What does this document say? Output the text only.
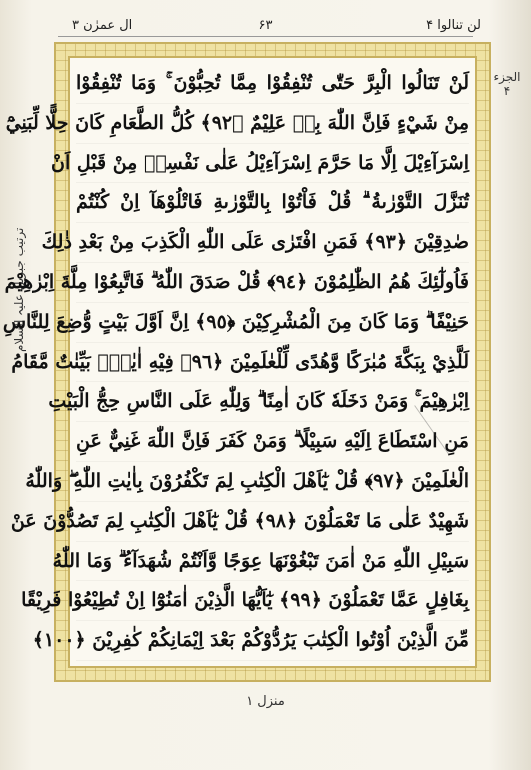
ال عمرٰن ۳	۶۳	لن تنالوا ۴
ترتیب جبریل علیہ السلام
الجزء ۴
لَنْ تَنَالُوا الْبِرَّ حَتّٰى تُنْفِقُوْا مِمَّا تُحِبُّوْنَ ۚ وَمَا تُنْفِقُوْا
مِنْ شَيْءٍ فَاِنَّ اللّٰهَ بِهٖ عَلِيْمٌ ﴿٩٢﴾ كُلُّ الطَّعَامِ كَانَ حِلًّا لِّبَنِيْٓ
اِسْرَآءِيْلَ اِلَّا مَا حَرَّمَ اِسْرَآءِيْلُ عَلٰى نَفْسِهٖ مِنْ قَبْلِ اَنْ
تُنَزَّلَ التَّوْرٰىةُ ۗ قُلْ فَاْتُوْا بِالتَّوْرٰىةِ فَاتْلُوْهَآ اِنْ كُنْتُمْ
صٰدِقِيْنَ ﴿٩٣﴾ فَمَنِ افْتَرٰى عَلَى اللّٰهِ الْكَذِبَ مِنْ بَعْدِ ذٰلِكَ
فَاُولٰٓئِكَ هُمُ الظّٰلِمُوْنَ ﴿٩٤﴾ قُلْ صَدَقَ اللّٰهُ ۗ فَاتَّبِعُوْا مِلَّةَ اِبْرٰهِيْمَ
حَنِيْفًا ۗ وَمَا كَانَ مِنَ الْمُشْرِكِيْنَ ﴿٩٥﴾ اِنَّ اَوَّلَ بَيْتٍ وُّضِعَ لِلنَّاسِ
لَلَّذِيْ بِبَكَّةَ مُبٰرَكًا وَّهُدًى لِّلْعٰلَمِيْنَ ﴿٩٦﴾ فِيْهِ اٰيٰتٌۢ بَيِّنٰتٌ مَّقَامُ
اِبْرٰهِيْمَ ۚ وَمَنْ دَخَلَهٗ كَانَ اٰمِنًا ۗ وَلِلّٰهِ عَلَى النَّاسِ حِجُّ الْبَيْتِ
مَنِ اسْتَطَاعَ اِلَيْهِ سَبِيْلًا ۗ وَمَنْ كَفَرَ فَاِنَّ اللّٰهَ غَنِيٌّ عَنِ
الْعٰلَمِيْنَ ﴿٩٧﴾ قُلْ يٰٓاَهْلَ الْكِتٰبِ لِمَ تَكْفُرُوْنَ بِاٰيٰتِ اللّٰهِ ۖ وَاللّٰهُ
شَهِيْدٌ عَلٰى مَا تَعْمَلُوْنَ ﴿٩٨﴾ قُلْ يٰٓاَهْلَ الْكِتٰبِ لِمَ تَصُدُّوْنَ عَنْ
سَبِيْلِ اللّٰهِ مَنْ اٰمَنَ تَبْغُوْنَهَا عِوَجًا وَّاَنْتُمْ شُهَدَآءُ ۗ وَمَا اللّٰهُ
بِغَافِلٍ عَمَّا تَعْمَلُوْنَ ﴿٩٩﴾ يٰٓاَيُّهَا الَّذِيْنَ اٰمَنُوْٓا اِنْ تُطِيْعُوْا فَرِيْقًا
مِّنَ الَّذِيْنَ اُوْتُوا الْكِتٰبَ يَرُدُّوْكُمْ بَعْدَ اِيْمَانِكُمْ كٰفِرِيْنَ ﴿١٠٠﴾
منزل ۱
